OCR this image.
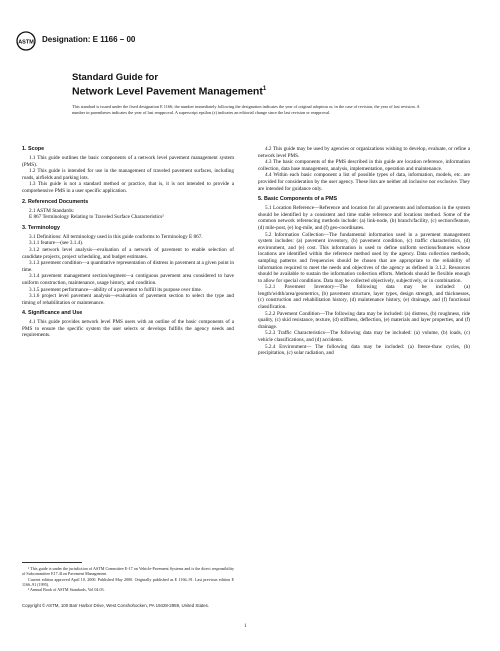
ASTM Designation: E 1166 – 00
Standard Guide for
Network Level Pavement Management$^1$
This standard is issued under the fixed designation E 1166; the number immediately following the designation indicates the year of original adoption or, in the case of revision, the year of last revision. A number in parentheses indicates the year of last reapproval. A superscript epsilon (ε) indicates an editorial change since the last revision or reapproval.
1. Scope

1.1 This guide outlines the basic components of a network level pavement management system (PMS).

1.2 This guide is intended for use in the management of traveled pavement surfaces, including roads, airfields and parking lots.

1.3 This guide is not a standard method or practice, that is, it is not intended to provide a comprehensive PMS in a user specific application.

2. Referenced Documents

2.1 ASTM Standards:

E 867 Terminology Relating to Traveled Surface Characteristics²

3. Terminology

3.1 Definitions: All terminology used in this guide conforms to Terminology E 867.

3.1.1 feature—(see 3.1.4).

3.1.2 network level analysis—evaluation of a network of pavement to enable selection of candidate projects, project scheduling, and budget estimates.

3.1.3 pavement condition—a quantitative representation of distress in pavement at a given point in time.

3.1.4 pavement management section/segment—a contiguous pavement area considered to have uniform construction, maintenance, usage history, and condition.

3.1.5 pavement performance—ability of a pavement to fulfill its purpose over time.

3.1.6 project level pavement analysis—evaluation of pavement section to select the type and timing of rehabilitation or maintenance.

4. Significance and Use

4.1 This guide provides network level PMS users with an outline of the basic components of a PMS to ensure the specific system the user selects or develops fulfills the agency needs and requirements.

4.2 This guide may be used by agencies or organizations wishing to develop, evaluate, or refine a network level PMS.

4.3 The basic components of the PMS described in this guide are location reference, information collection, data base management, analysis, implementation, operation and maintenance.

4.4 Within each basic component a list of possible types of data, information, models, etc. are provided for consideration by the user agency. These lists are neither all inclusive nor exclusive. They are intended for guidance only.

5. Basic Components of a PMS

5.1 Location Reference—Reference and location for all pavements and information in the system should be identified by a consistent and time stable reference and locations method. Some of the common network referencing methods include: (a) link-node, (b) branch/facility, (c) section/feature, (d) mile-post, (e) log-mile, and (f) geo-coordinates.

5.2 Information Collection—The fundamental information used in a pavement management system includes: (a) pavement inventory, (b) pavement condition, (c) traffic characteristics, (d) environment, and (e) cost. This information is used to define uniform sections/features whose locations are identified within the reference method used by the agency. Data collection methods, sampling patterns and frequencies should be chosen that are appropriate to the reliability of information required to meet the needs and objectives of the agency as defined in 3.1.2. Resources should be available to sustain the information collection efforts. Methods should be flexible enough to allow for special conditions. Data may be collected objectively, subjectively, or in combination.

5.2.1 Pavement Inventory—The following data may be included: (a) length/width/area/geometrics, (b) pavement structure, layer types, design strength, and thicknesses, (c) construction and rehabilitation history, (d) maintenance history, (e) drainage, and (f) functional classification.

5.2.2 Pavement Condition—The following data may be included: (a) distress, (b) roughness, ride quality, (c) skid resistance, texture, (d) stiffness, deflection, (e) materials and layer properties, and (f) drainage.

5.2.3 Traffic Characteristics—The following data may be included: (a) volume, (b) loads, (c) vehicle classifications, and (d) accidents.

5.2.4 Environment— The following data may be included: (a) freeze-thaw cycles, (b) precipitation, (c) solar radiation, and

¹ This guide is under the jurisdiction of ASTM Committee E-17 on Vehicle-Pavement Systems and is the direct responsibility of Subcommittee E17.41on Pavement Management

Current edition approved April 10, 2000. Published May 2000. Originally published as E 1166–91. Last previous edition E 1166–91 (1995).

² Annual Book of ASTM Standards, Vol 04.03.

Copyright © ASTM, 100 Barr Harbor Drive, West Conshohocken, PA 19428-2959, United States.
1
